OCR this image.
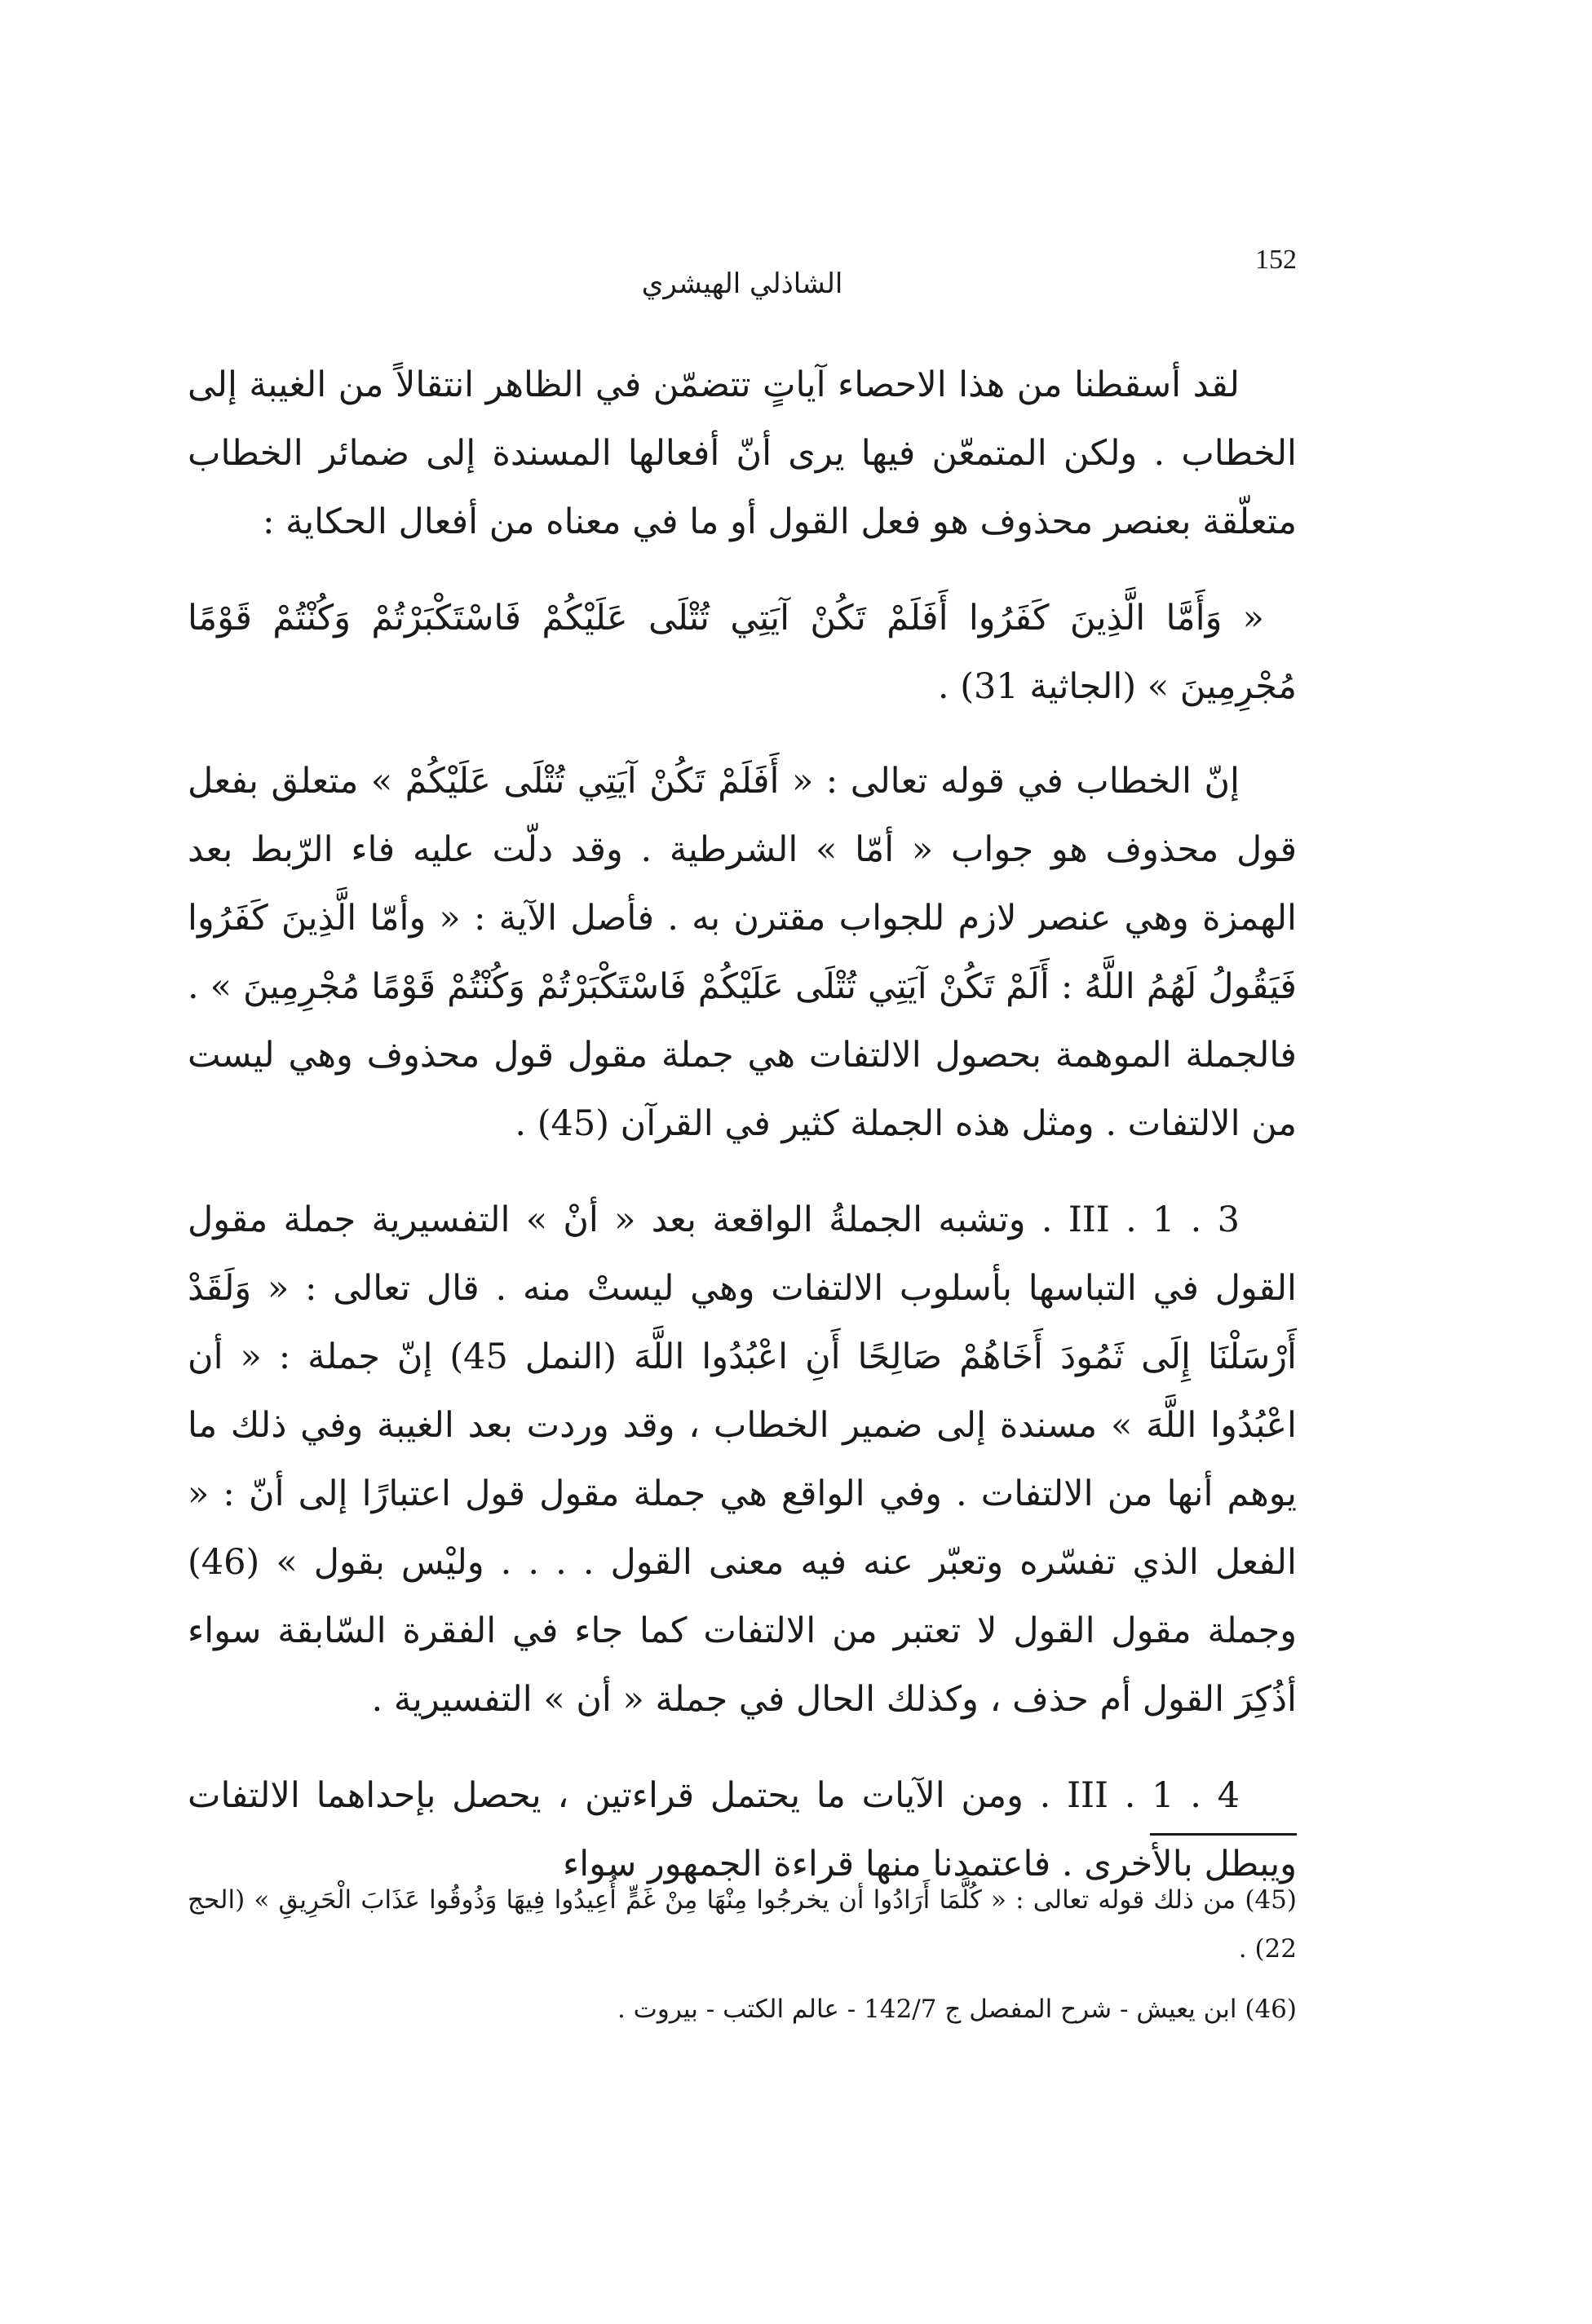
152
الشاذلي الهيشري

لقد أسقطنا من هذا الاحصاء آياتٍ تتضمّن في الظاهر انتقالاً من الغيبة إلى الخطاب . ولكن المتمعّن فيها يرى أنّ أفعالها المسندة إلى ضمائر الخطاب متعلّقة بعنصر محذوف هو فعل القول أو ما في معناه من أفعال الحكاية :

« وَأَمَّا الَّذِينَ كَفَرُوا أَفَلَمْ تَكُنْ آيَتِي تُتْلَى عَلَيْكُمْ فَاسْتَكْبَرْتُمْ وَكُنْتُمْ قَوْمًا مُجْرِمِينَ » (الجاثية 31) .

إنّ الخطاب في قوله تعالى : « أَفَلَمْ تَكُنْ آيَتِي تُتْلَى عَلَيْكُمْ » متعلق بفعل قول محذوف هو جواب « أمّا » الشرطية . وقد دلّت عليه فاء الرّبط بعد الهمزة وهي عنصر لازم للجواب مقترن به . فأصل الآية : « وأمّا الَّذِينَ كَفَرُوا فَيَقُولُ لَهُمُ اللَّهُ : أَلَمْ تَكُنْ آيَتِي تُتْلَى عَلَيْكُمْ فَاسْتَكْبَرْتُمْ وَكُنْتُمْ قَوْمًا مُجْرِمِينَ » . فالجملة الموهمة بحصول الالتفات هي جملة مقول قول محذوف وهي ليست من الالتفات . ومثل هذه الجملة كثير في القرآن (45) .

III . 1 . 3 . وتشبه الجملةُ الواقعة بعد « أنْ » التفسيرية جملة مقول القول في التباسها بأسلوب الالتفات وهي ليستْ منه . قال تعالى : « وَلَقَدْ أَرْسَلْنَا إِلَى ثَمُودَ أَخَاهُمْ صَالِحًا أَنِ اعْبُدُوا اللَّهَ (النمل 45) إنّ جملة : « أن اعْبُدُوا اللَّهَ » مسندة إلى ضمير الخطاب ، وقد وردت بعد الغيبة وفي ذلك ما يوهم أنها من الالتفات . وفي الواقع هي جملة مقول قول اعتبارًا إلى أنّ : « الفعل الذي تفسّره وتعبّر عنه فيه معنى القول . . . . وليْس بقول » (46) وجملة مقول القول لا تعتبر من الالتفات كما جاء في الفقرة السّابقة سواء أذُكِرَ القول أم حذف ، وكذلك الحال في جملة « أن » التفسيرية .

III . 1 . 4 . ومن الآيات ما يحتمل قراءتين ، يحصل بإحداهما الالتفات ويبطل بالأخرى . فاعتمدنا منها قراءة الجمهور سواء

(45) من ذلك قوله تعالى : « كُلَّمَا أَرَادُوا أن يخرجُوا مِنْهَا مِنْ غَمٍّ أُعِيدُوا فِيهَا وَذُوقُوا عَذَابَ الْحَرِيقِ » (الحج 22) .

(46) ابن يعيش - شرح المفصل ج 142/7 - عالم الكتب - بيروت .
